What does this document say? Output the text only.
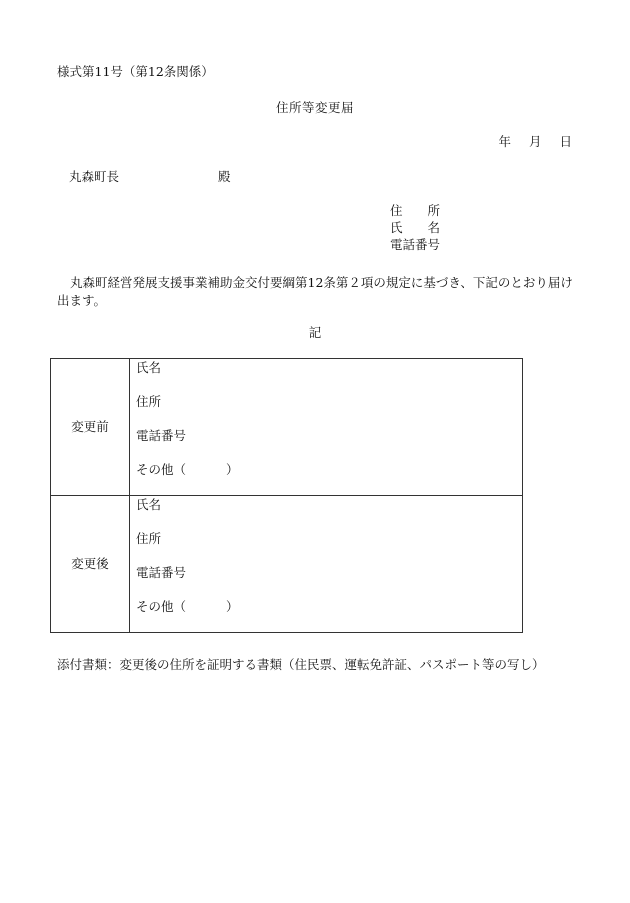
様式第11号（第12条関係）
住所等変更届
年 月 日
丸森町長	殿
住　　所
氏　　名
電話番号
丸森町経営発展支援事業補助金交付要綱第12条第２項の規定に基づき、下記のとおり届け出ます。
記
変更前	氏名
住所
電話番号
その他（ ）

変更後	氏名
住所
電話番号
その他（ ）
添付書類：変更後の住所を証明する書類（住民票、運転免許証、パスポート等の写し）
